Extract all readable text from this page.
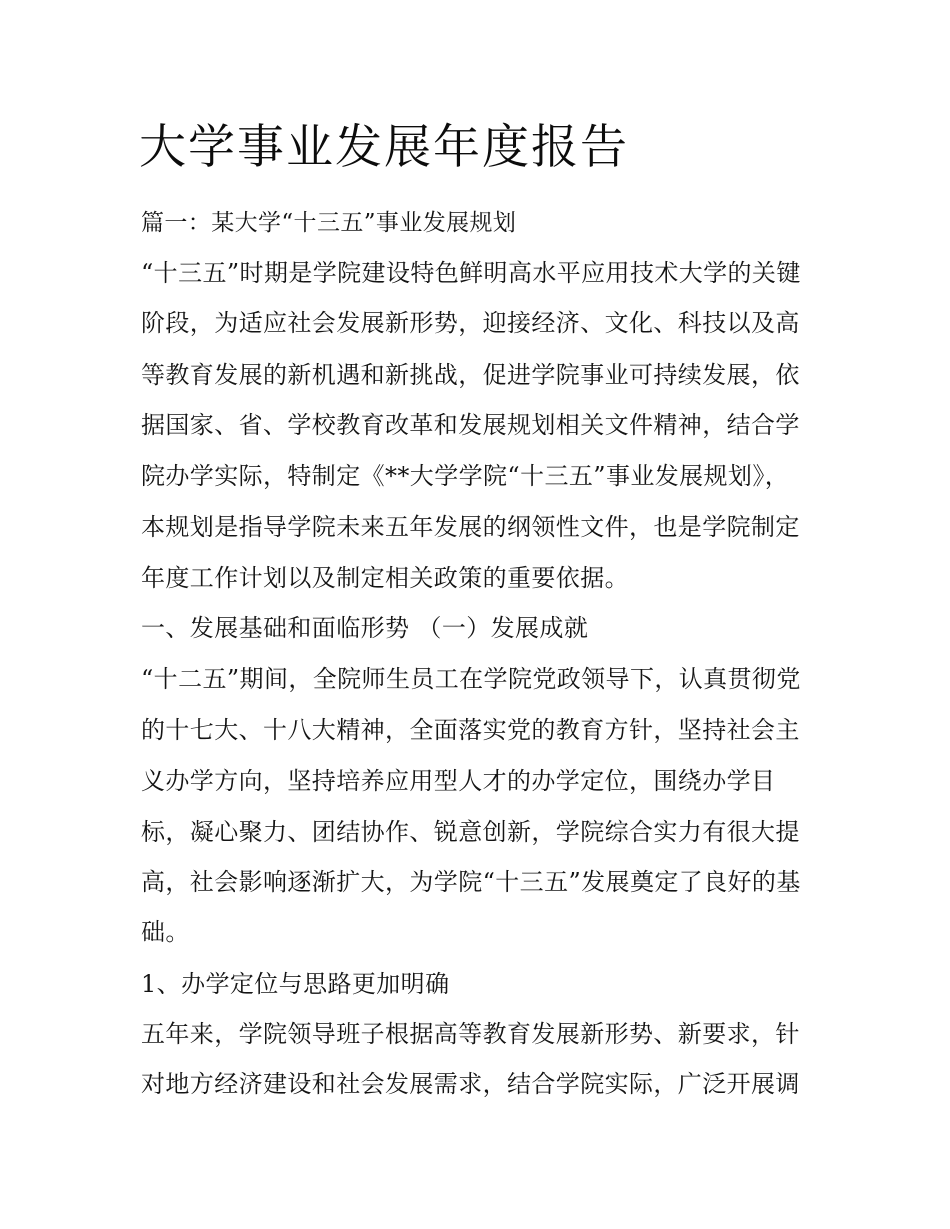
大学事业发展年度报告
篇一：某大学“十三五”事业发展规划
“十三五”时期是学院建设特色鲜明高水平应用技术大学的关键
阶段，为适应社会发展新形势，迎接经济、文化、科技以及高
等教育发展的新机遇和新挑战，促进学院事业可持续发展，依
据国家、省、学校教育改革和发展规划相关文件精神，结合学
院办学实际，特制定《**大学学院“十三五”事业发展规划》，
本规划是指导学院未来五年发展的纲领性文件，也是学院制定
年度工作计划以及制定相关政策的重要依据。
一、发展基础和面临形势 （一）发展成就
“十二五”期间，全院师生员工在学院党政领导下，认真贯彻党
的十七大、十八大精神，全面落实党的教育方针，坚持社会主
义办学方向，坚持培养应用型人才的办学定位，围绕办学目
标，凝心聚力、团结协作、锐意创新，学院综合实力有很大提
高，社会影响逐渐扩大，为学院“十三五”发展奠定了良好的基
础。
1、办学定位与思路更加明确
五年来，学院领导班子根据高等教育发展新形势、新要求，针
对地方经济建设和社会发展需求，结合学院实际，广泛开展调
